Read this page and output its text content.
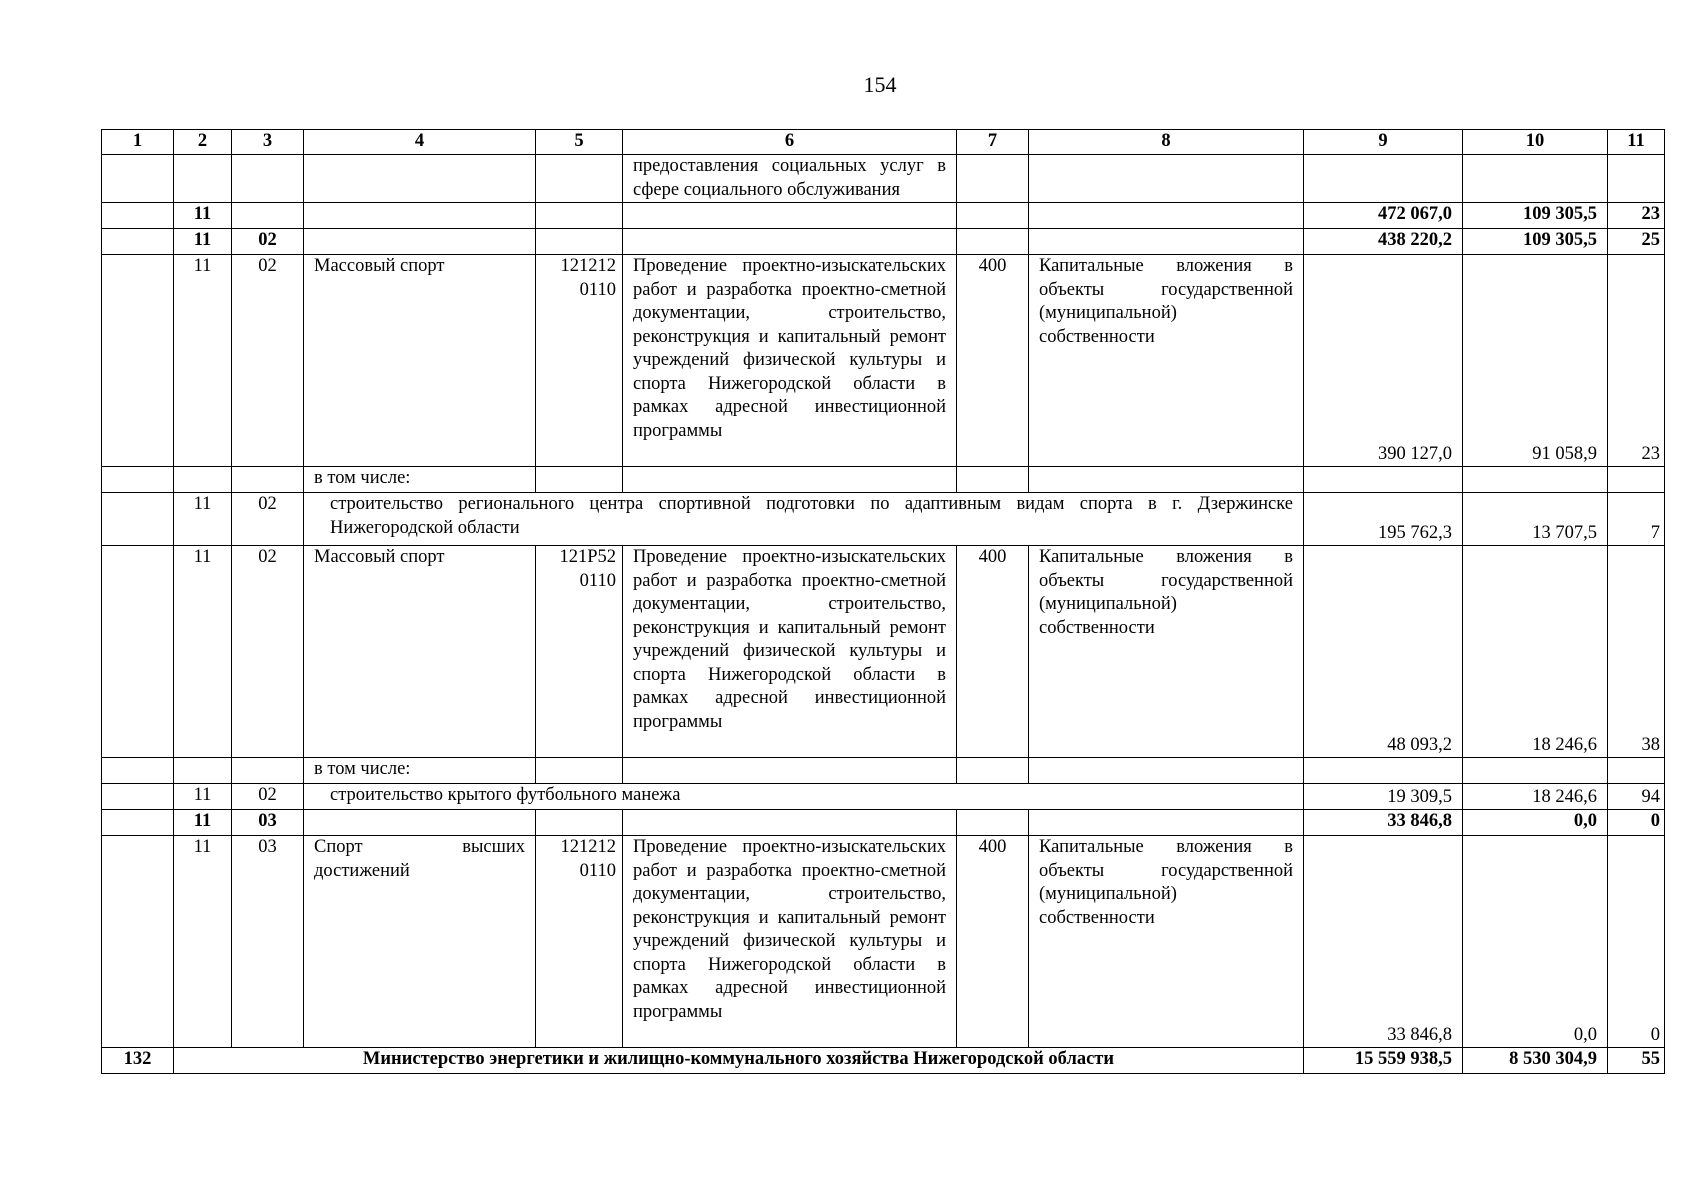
154
1	2	3	4	5	6	7	8	9	10	11
					предоставления социальных услуг в сфере социального обслуживания					
	11							472 067,0	109 305,5	23
	11	02						438 220,2	109 305,5	25
	11	02	Массовый спорт	121212 0110	Проведение проектно-изыскательских работ и разработка проектно-сметной документации, строительство, реконструкция и капитальный ремонт учреждений физической культуры и спорта Нижегородской области в рамках адресной инвестиционной программы	400	Капитальные вложения в объекты государственной (муниципальной) собственности	390 127,0	91 058,9	23
			в том числе:							
	11	02	строительство регионального центра спортивной подготовки по адаптивным видам спорта в г. Дзержинске Нижегородской области					195 762,3	13 707,5	7
	11	02	Массовый спорт	121Р52 0110	Проведение проектно-изыскательских работ и разработка проектно-сметной документации, строительство, реконструкция и капитальный ремонт учреждений физической культуры и спорта Нижегородской области в рамках адресной инвестиционной программы	400	Капитальные вложения в объекты государственной (муниципальной) собственности	48 093,2	18 246,6	38
			в том числе:							
	11	02	строительство крытого футбольного манежа					19 309,5	18 246,6	94
	11	03						33 846,8	0,0	0
	11	03	Спорт высших достижений	121212 0110	Проведение проектно-изыскательских работ и разработка проектно-сметной документации, строительство, реконструкция и капитальный ремонт учреждений физической культуры и спорта Нижегородской области в рамках адресной инвестиционной программы	400	Капитальные вложения в объекты государственной (муниципальной) собственности	33 846,8	0,0	0
132	Министерство энергетики и жилищно-коммунального хозяйства Нижегородской области							15 559 938,5	8 530 304,9	55
